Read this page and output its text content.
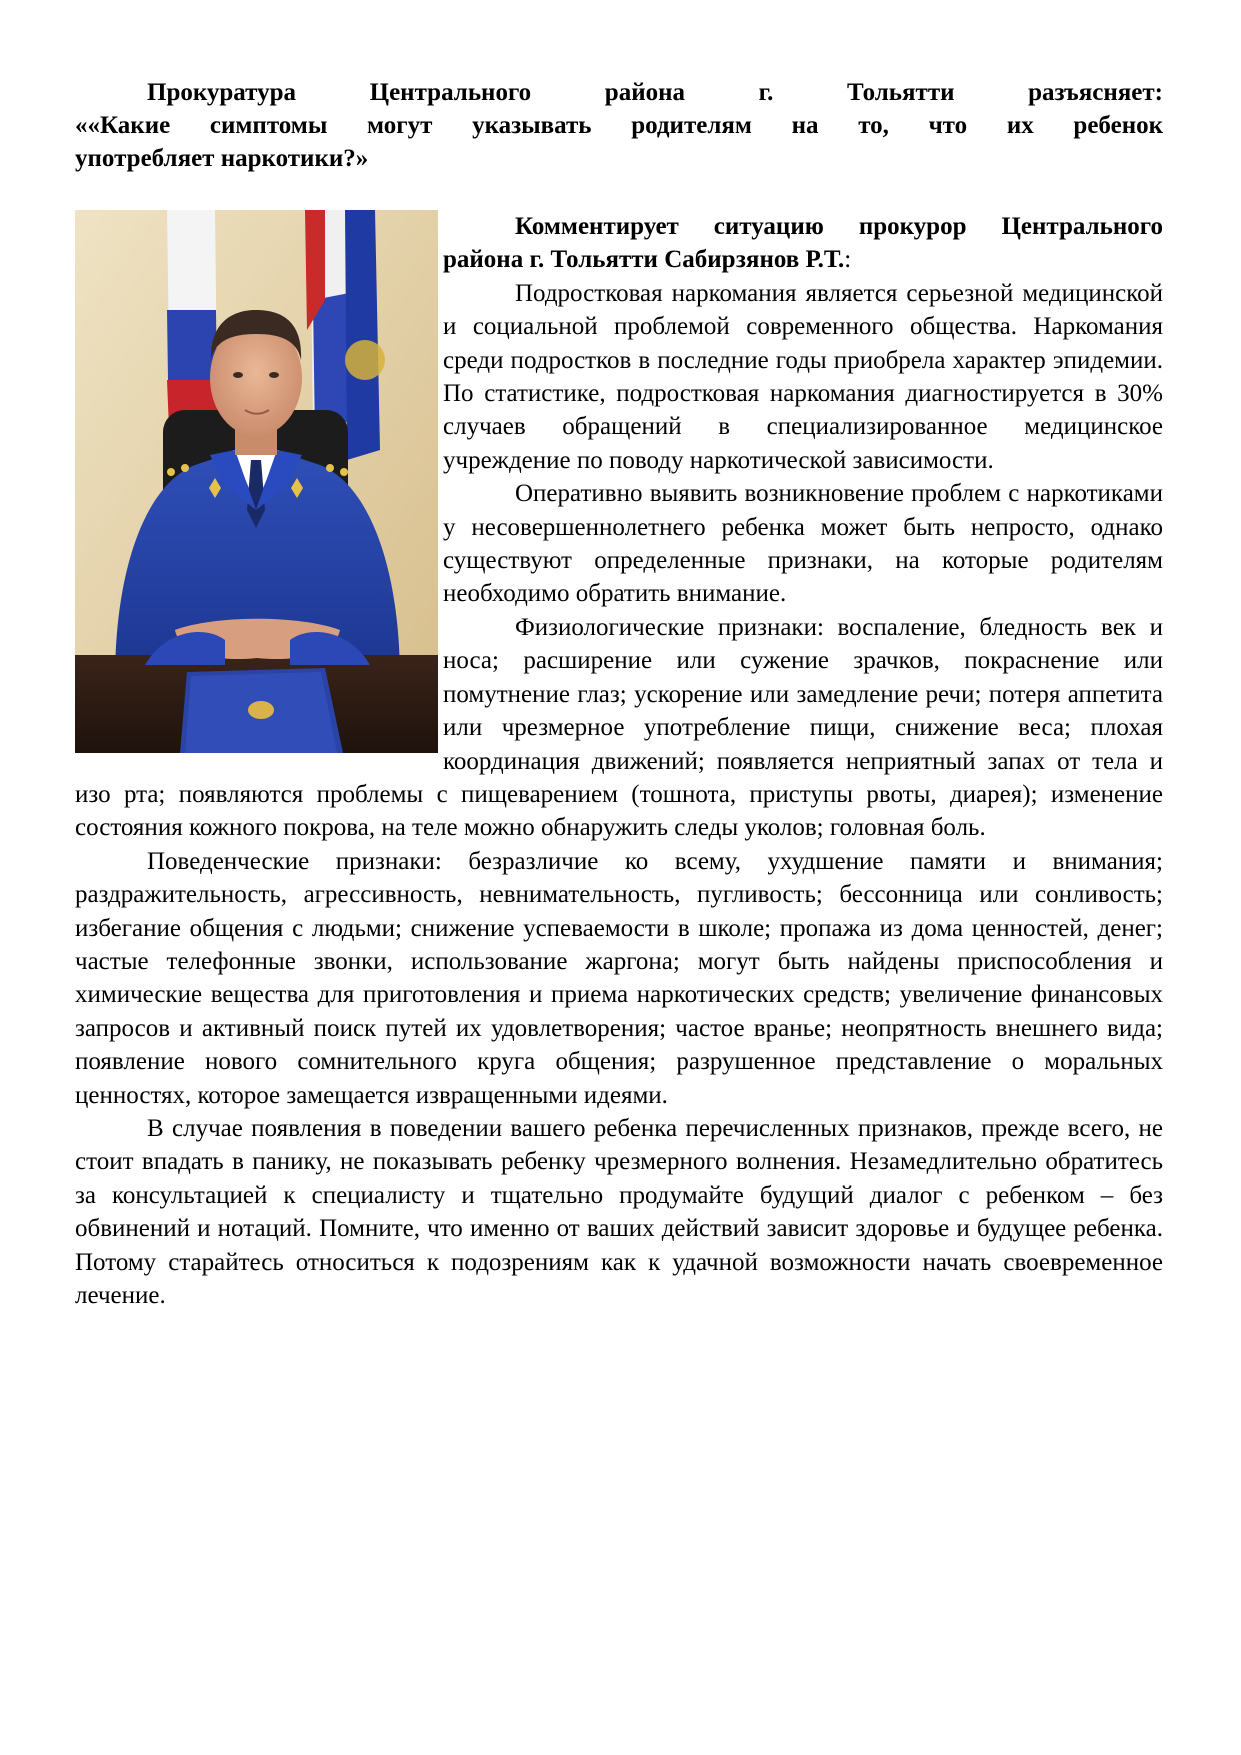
Прокуратура Центрального района г. Тольятти разъясняет:
««Какие симптомы могут указывать родителям на то, что их ребенок
употребляет наркотики?»

Комментирует ситуацию прокурор Центрального района г. Тольятти Сабирзянов Р.Т.:

Подростковая наркомания является серьезной медицинской и социальной проблемой современного общества. Наркомания среди подростков в последние годы приобрела характер эпидемии. По статистике, подростковая наркомания диагностируется в 30% случаев обращений в специализированное медицинское учреждение по поводу наркотической зависимости.

Оперативно выявить возникновение проблем с наркотиками у несовершеннолетнего ребенка может быть непросто, однако существуют определенные признаки, на которые родителям необходимо обратить внимание.

Физиологические признаки: воспаление, бледность век и носа; расширение или сужение зрачков, покраснение или помутнение глаз; ускорение или замедление речи; потеря аппетита или чрезмерное употребление пищи, снижение веса; плохая координация движений; появляется неприятный запах от тела и изо рта; появляются проблемы с пищеварением (тошнота, приступы рвоты, диарея); изменение состояния кожного покрова, на теле можно обнаружить следы уколов; головная боль.

Поведенческие признаки: безразличие ко всему, ухудшение памяти и внимания; раздражительность, агрессивность, невнимательность, пугливость; бессонница или сонливость; избегание общения с людьми; снижение успеваемости в школе; пропажа из дома ценностей, денег; частые телефонные звонки, использование жаргона; могут быть найдены приспособления и химические вещества для приготовления и приема наркотических средств; увеличение финансовых запросов и активный поиск путей их удовлетворения; частое вранье; неопрятность внешнего вида; появление нового сомнительного круга общения; разрушенное представление о моральных ценностях, которое замещается извращенными идеями.

В случае появления в поведении вашего ребенка перечисленных признаков, прежде всего, не стоит впадать в панику, не показывать ребенку чрезмерного волнения. Незамедлительно обратитесь за консультацией к специалисту и тщательно продумайте будущий диалог с ребенком – без обвинений и нотаций. Помните, что именно от ваших действий зависит здоровье и будущее ребенка. Потому старайтесь относиться к подозрениям как к удачной возможности начать своевременное лечение.
